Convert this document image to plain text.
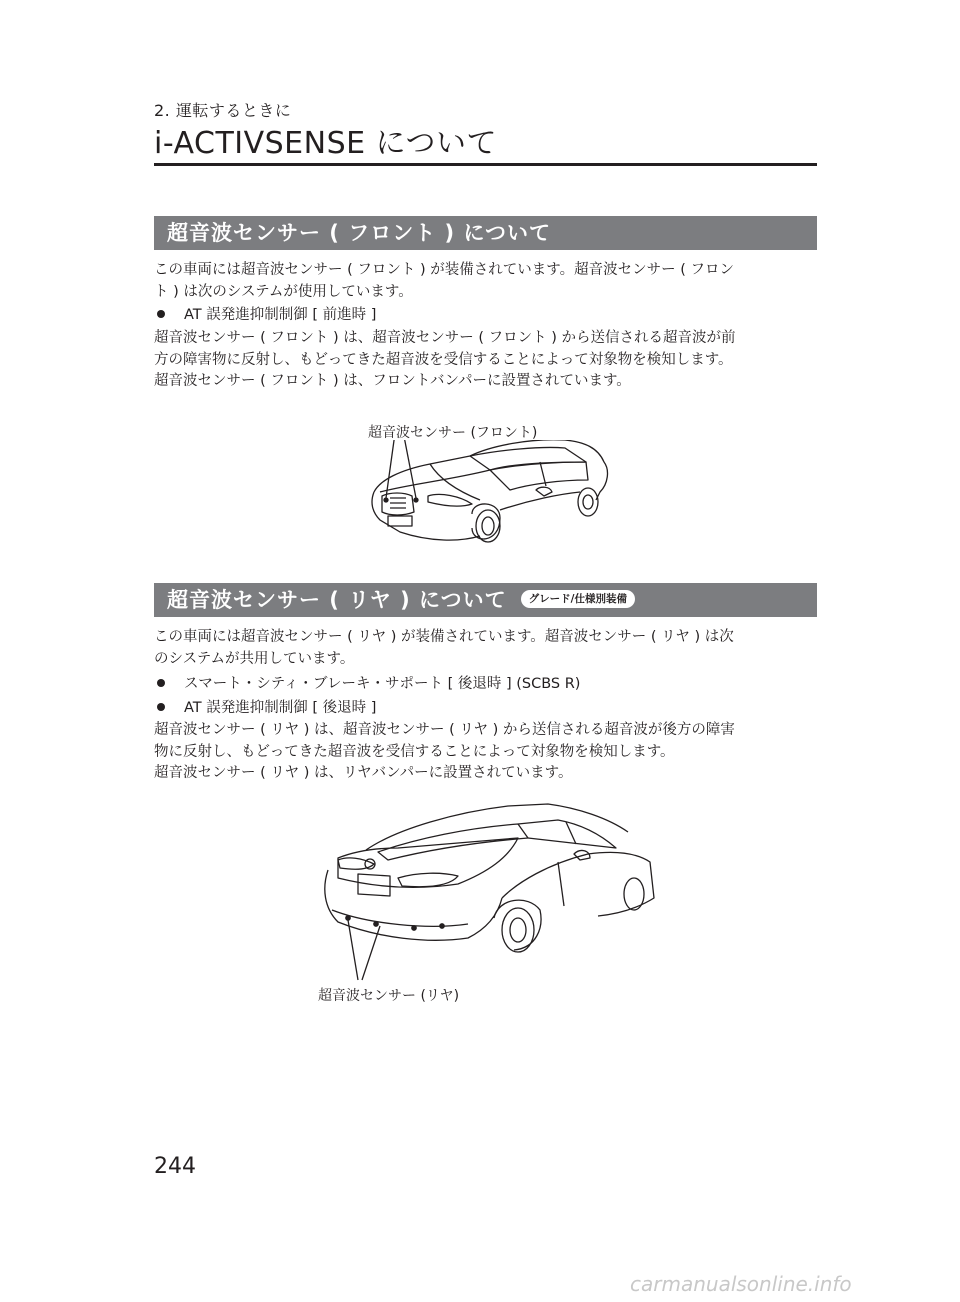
2. 運転するときに
i-ACTIVSENSE について
超音波センサー ( フロント ) について
この車両には超音波センサー ( フロント ) が装備されています。超音波センサー ( フロン
ト ) は次のシステムが使用しています。
AT 誤発進抑制制御 [ 前進時 ]
超音波センサー ( フロント ) は、超音波センサー ( フロント ) から送信される超音波が前
方の障害物に反射し、もどってきた超音波を受信することによって対象物を検知します。
超音波センサー ( フロント ) は、フロントバンパーに設置されています。
超音波センサー (フロント)
超音波センサー ( リヤ ) について グレード/仕様別装備
この車両には超音波センサー ( リヤ ) が装備されています。超音波センサー ( リヤ ) は次
のシステムが共用しています。
スマート・シティ・ブレーキ・サポート [ 後退時 ] (SCBS R)
AT 誤発進抑制制御 [ 後退時 ]
超音波センサー ( リヤ ) は、超音波センサー ( リヤ ) から送信される超音波が後方の障害
物に反射し、もどってきた超音波を受信することによって対象物を検知します。
超音波センサー ( リヤ ) は、リヤバンパーに設置されています。
超音波センサー (リヤ)
244
carmanualsonline.info
